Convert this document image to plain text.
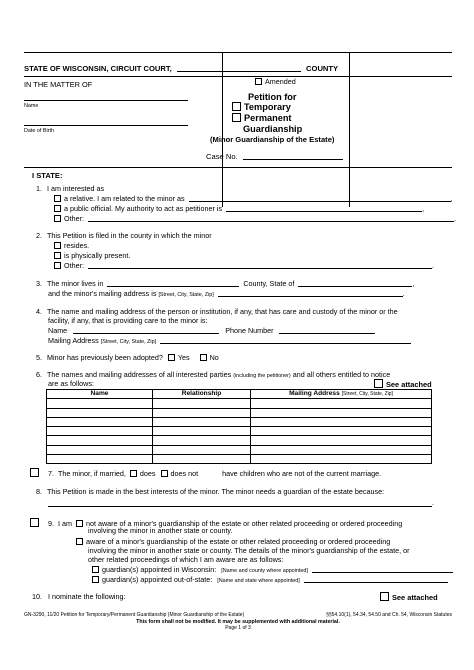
STATE OF WISCONSIN, CIRCUIT COURT,	COUNTY
IN THE MATTER OF
Name
Date of Birth
Amended
Petition for
Temporary
Permanent
Guardianship
(Minor Guardianship of the Estate)
Case No.
I STATE:
1. I am interested as
a relative. I am related to the minor as	,
a public official. My authority to act as petitioner is	,
Other:	.
2. This Petition is filed in the county in which the minor
resides.
is physically present.
Other:	.
3. The minor lives in	County, State of	,
and the minor's mailing address is [Street, City, State, Zip]	.
4. The name and mailing address of the person or institution, if any, that has care and custody of the minor or the
facility, if any, that is providing care to the minor is:
Name	Phone Number
Mailing Address [Street, City, State, Zip]
5. Minor has previously been adopted? Yes	No
6. The names and mailing addresses of all interested parties (including the petitioner) and all others entitled to notice
are as follows:	See attached
Name	Relationship	Mailing Address [Street, City, State, Zip]

7. The minor, if married, does does not	have children who are not of the current marriage.
8. This Petition is made in the best interests of the minor. The minor needs a guardian of the estate because:
.
9. I am not aware of a minor's guardianship of the estate or other related proceeding or ordered proceeding
involving the minor in another state or county.
aware of a minor's guardianship of the estate or other related proceeding or ordered proceeding
involving the minor in another state or county. The details of the minor's guardianship of the estate, or
other related proceedings of which I am aware are as follows:
guardian(s) appointed in Wisconsin: [Name and county where appointed]
guardian(s) appointed out-of-state: [Name and state where appointed]
10. I nominate the following:	See attached
GN-3290, 11/20 Petition for Temporary/Permanent Guardianship (Minor Guardianship of the Estate)	§§54.10(1), 54.34, 54.50 and Ch. 54, Wisconsin Statutes
This form shall not be modified. It may be supplemented with additional material.
Page 1 of 3
